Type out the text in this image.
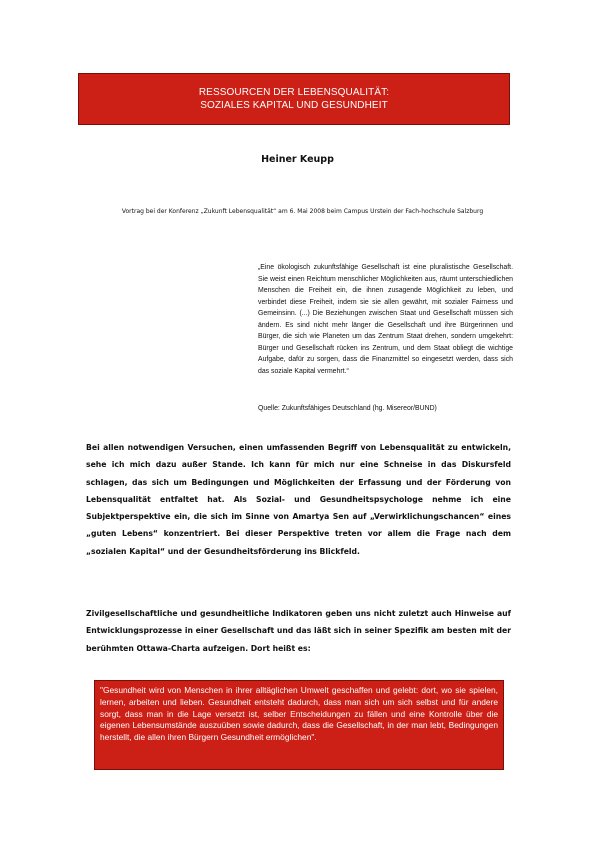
RESSOURCEN DER LEBENSQUALITÄT:
SOZIALES KAPITAL UND GESUNDHEIT
Heiner Keupp
Vortrag bei der Konferenz „Zukunft Lebensqualität“ am 6. Mai 2008 beim Campus Urstein der Fach-hochschule Salzburg
„Eine ökologisch zukunftsfähige Gesellschaft ist eine pluralistische Gesellschaft. Sie weist einen Reichtum menschlicher Möglichkeiten aus, räumt unterschiedlichen Menschen die Freiheit ein, die ihnen zusagende Möglichkeit zu leben, und verbindet diese Freiheit, indem sie sie allen gewährt, mit sozialer Fairness und Gemeinsinn. (...) Die Beziehungen zwischen Staat und Gesellschaft müssen sich ändern. Es sind nicht mehr länger die Gesellschaft und ihre Bürgerinnen und Bürger, die sich wie Planeten um das Zentrum Staat drehen, sondern umgekehrt: Bürger und Gesellschaft rücken ins Zentrum, und dem Staat obliegt die wichtige Aufgabe, dafür zu sorgen, dass die Finanzmittel so eingesetzt werden, dass sich das soziale Kapital vermehrt.“
Quelle: Zukunftsfähiges Deutschland (hg. Misereor/BUND)
Bei allen notwendigen Versuchen, einen umfassenden Begriff von Lebensqualität zu entwickeln, sehe ich mich dazu außer Stande. Ich kann für mich nur eine Schneise in das Diskursfeld schlagen, das sich um Bedingungen und Möglichkeiten der Erfassung und der Förderung von Lebensqualität entfaltet hat. Als Sozial- und Gesundheitspsychologe nehme ich eine Subjektperspektive ein, die sich im Sinne von Amartya Sen auf „Verwirklichungschancen“ eines „guten Lebens“ konzentriert. Bei dieser Perspektive treten vor allem die Frage nach dem „sozialen Kapital“ und der Gesundheitsförderung ins Blickfeld.
Zivilgesellschaftliche und gesundheitliche Indikatoren geben uns nicht zuletzt auch Hinweise auf Entwicklungsprozesse in einer Gesellschaft und das läßt sich in seiner Spezifik am besten mit der berühmten Ottawa-Charta aufzeigen. Dort heißt es:
"Gesundheit wird von Menschen in ihrer alltäglichen Umwelt geschaffen und gelebt: dort, wo sie spielen, lernen, arbeiten und lieben. Gesundheit entsteht dadurch, dass man sich um sich selbst und für andere sorgt, dass man in die Lage versetzt ist, selber Entscheidungen zu fällen und eine Kontrolle über die eigenen Lebensumstände auszuüben sowie dadurch, dass die Gesellschaft, in der man lebt, Bedingungen herstellt, die allen ihren Bürgern Gesundheit ermöglichen".
